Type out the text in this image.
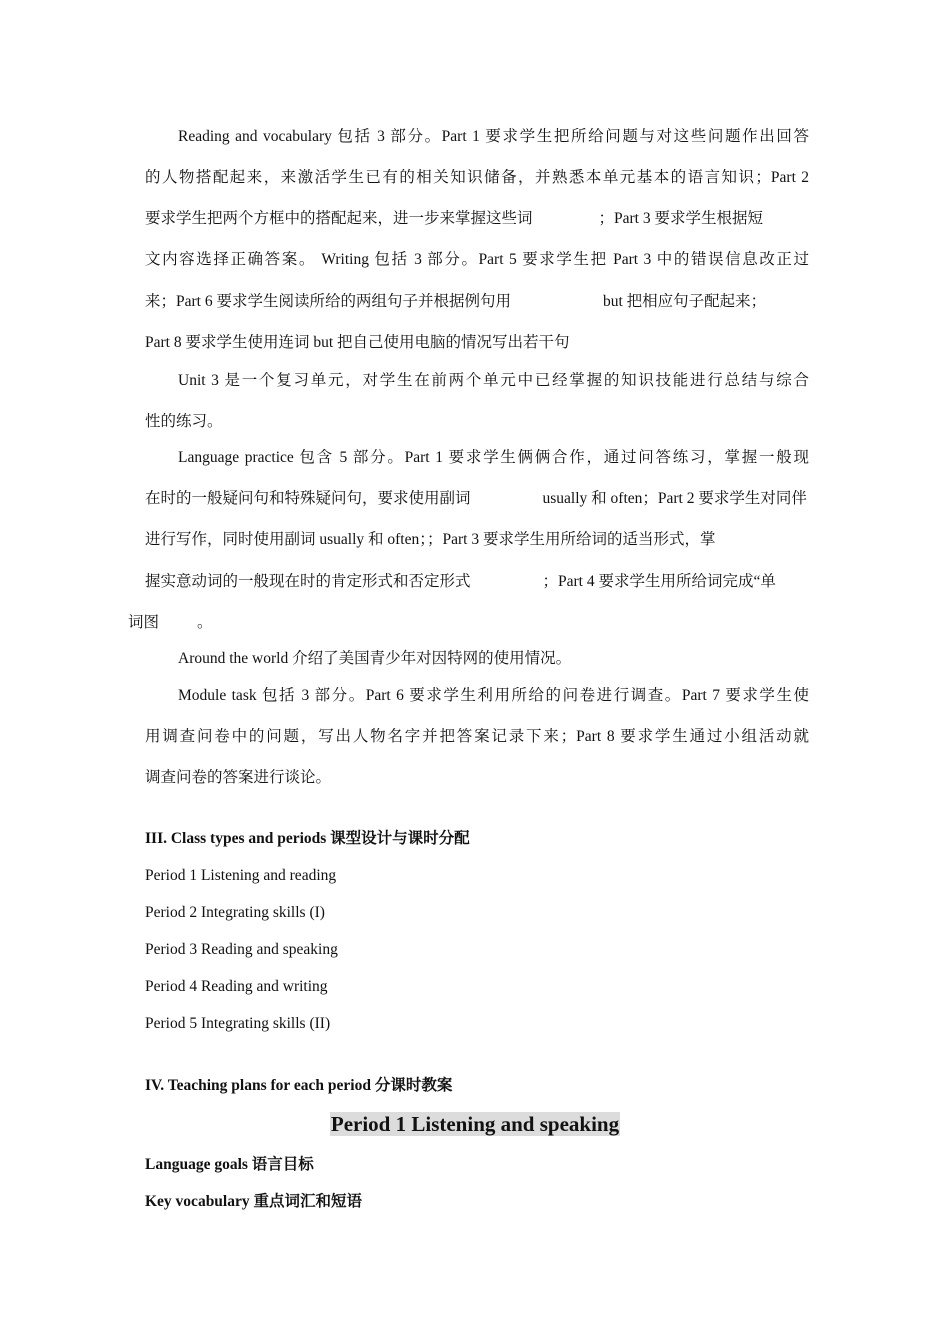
Reading and vocabulary 包括 3 部分。Part 1 要求学生把所给问题与对这些问题作出回答
的人物搭配起来，来激活学生已有的相关知识储备，并熟悉本单元基本的语言知识；Part 2
要求学生把两个方框中的搭配起来，进一步来掌握这些词	；Part 3 要求学生根据短
文内容选择正确答案。 Writing 包括 3 部分。Part 5 要求学生把 Part 3 中的错误信息改正过
来；Part 6 要求学生阅读所给的两组句子并根据例句用	but 把相应句子配起来；
Part 8 要求学生使用连词 but 把自己使用电脑的情况写出若干句
Unit 3 是一个复习单元，对学生在前两个单元中已经掌握的知识技能进行总结与综合
性的练习。
Language practice 包含 5 部分。Part 1 要求学生俩俩合作，通过问答练习，掌握一般现
在时的一般疑问句和特殊疑问句，要求使用副词	usually 和 often；Part 2 要求学生对同伴
进行写作，同时使用副词 usually 和 often；；Part 3 要求学生用所给词的适当形式，掌
握实意动词的一般现在时的肯定形式和否定形式	；Part 4 要求学生用所给词完成“单
词图 。
Around the world 介绍了美国青少年对因特网的使用情况。
Module task 包括 3 部分。Part 6 要求学生利用所给的问卷进行调查。Part 7 要求学生使
用调查问卷中的问题，写出人物名字并把答案记录下来；Part 8 要求学生通过小组活动就
调查问卷的答案进行谈论。
III. Class types and periods 课型设计与课时分配
Period 1 Listening and reading
Period 2 Integrating skills (I)
Period 3 Reading and speaking
Period 4 Reading and writing
Period 5 Integrating skills (II)
IV. Teaching plans for each period 分课时教案
Period 1 Listening and speaking
Language goals 语言目标
Key vocabulary 重点词汇和短语
